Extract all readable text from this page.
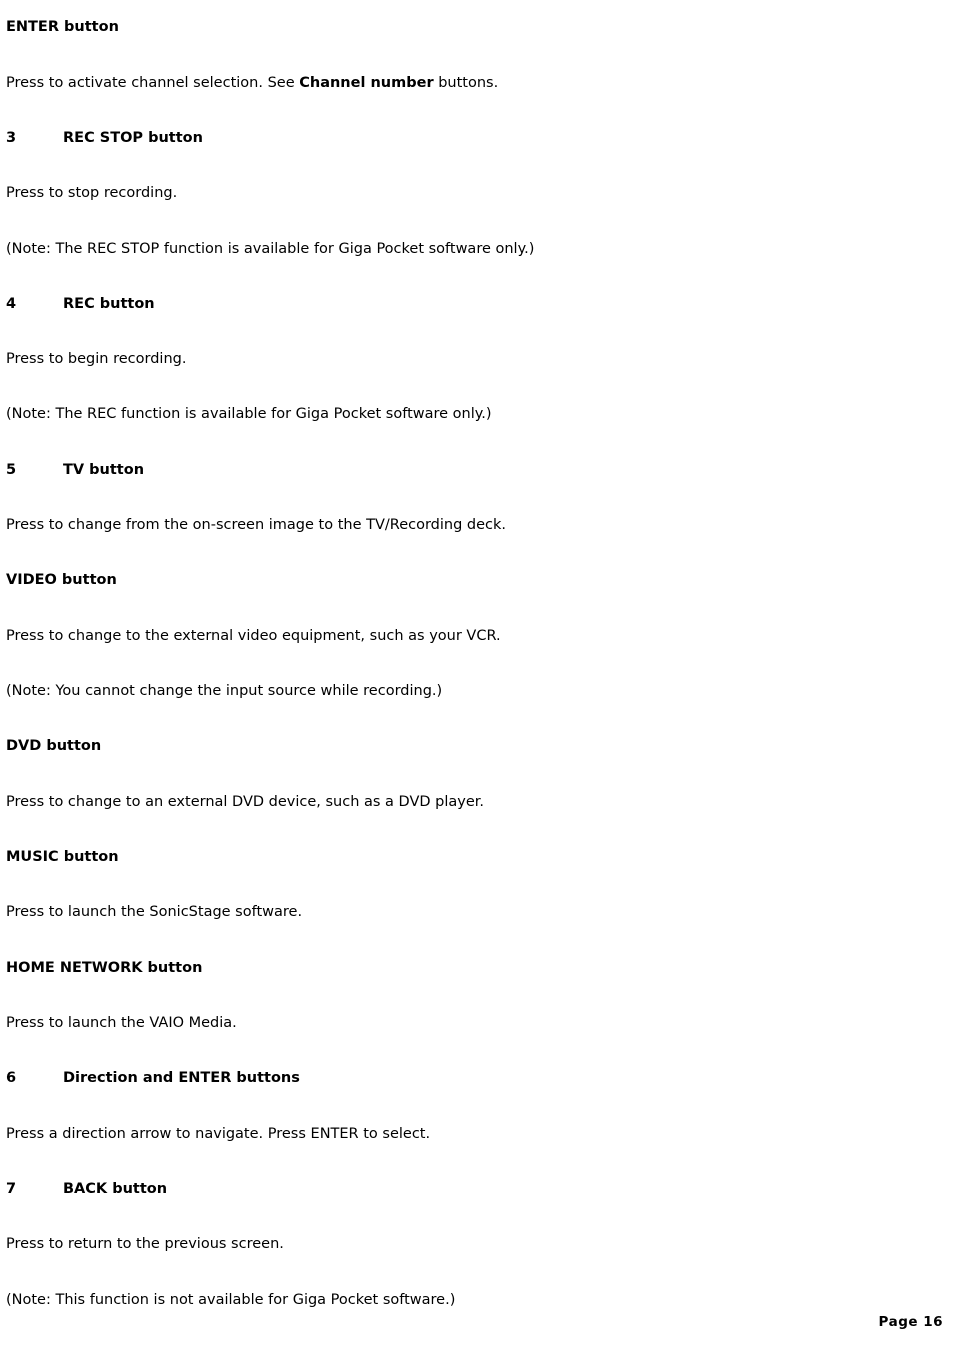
ENTER button
Press to activate channel selection. See Channel number buttons.
3	REC STOP button
Press to stop recording.
(Note: The REC STOP function is available for Giga Pocket software only.)
4	REC button
Press to begin recording.
(Note: The REC function is available for Giga Pocket software only.)
5	TV button
Press to change from the on-screen image to the TV/Recording deck.
VIDEO button
Press to change to the external video equipment, such as your VCR.
(Note: You cannot change the input source while recording.)
DVD button
Press to change to an external DVD device, such as a DVD player.
MUSIC button
Press to launch the SonicStage software.
HOME NETWORK button
Press to launch the VAIO Media.
6	Direction and ENTER buttons
Press a direction arrow to navigate. Press ENTER to select.
7	BACK button
Press to return to the previous screen.
(Note: This function is not available for Giga Pocket software.)
Page 16
